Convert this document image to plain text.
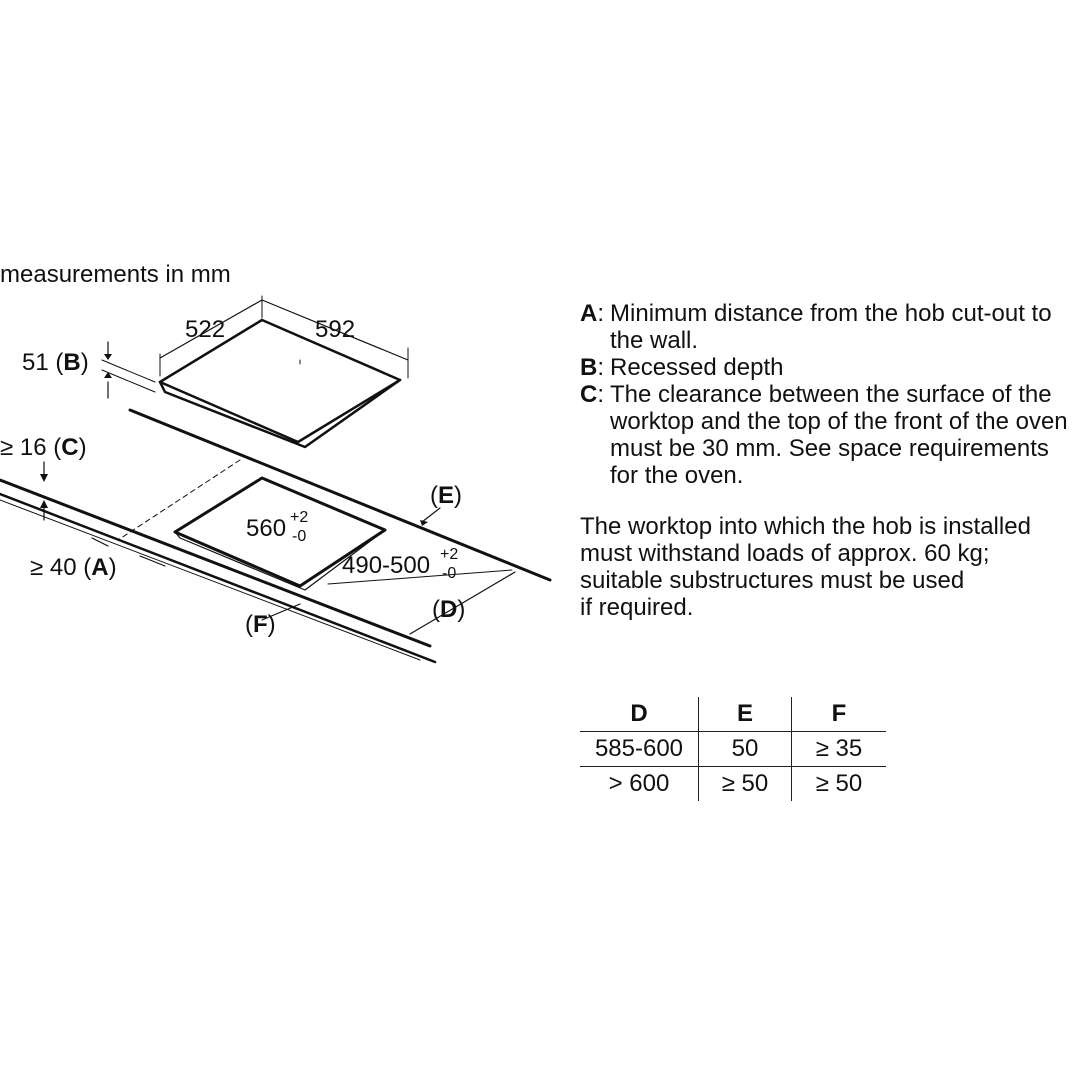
measurements in mm
522	592
51 (B)
≥ 16 (C)
≥ 40 (A)
560 +2
-0
490-500 +2
-0
(E)
(D)
(F)
A : Minimum distance from the hob cut-out to the wall.
B : Recessed depth
C : The clearance between the surface of the worktop and the top of the front of the oven must be 30 mm. See space requirements for the oven.
The worktop into which the hob is installed
must withstand loads of approx. 60 kg;
suitable substructures must be used
if required.
D	E	F
585-600	50	≥ 35
> 600	≥ 50	≥ 50
